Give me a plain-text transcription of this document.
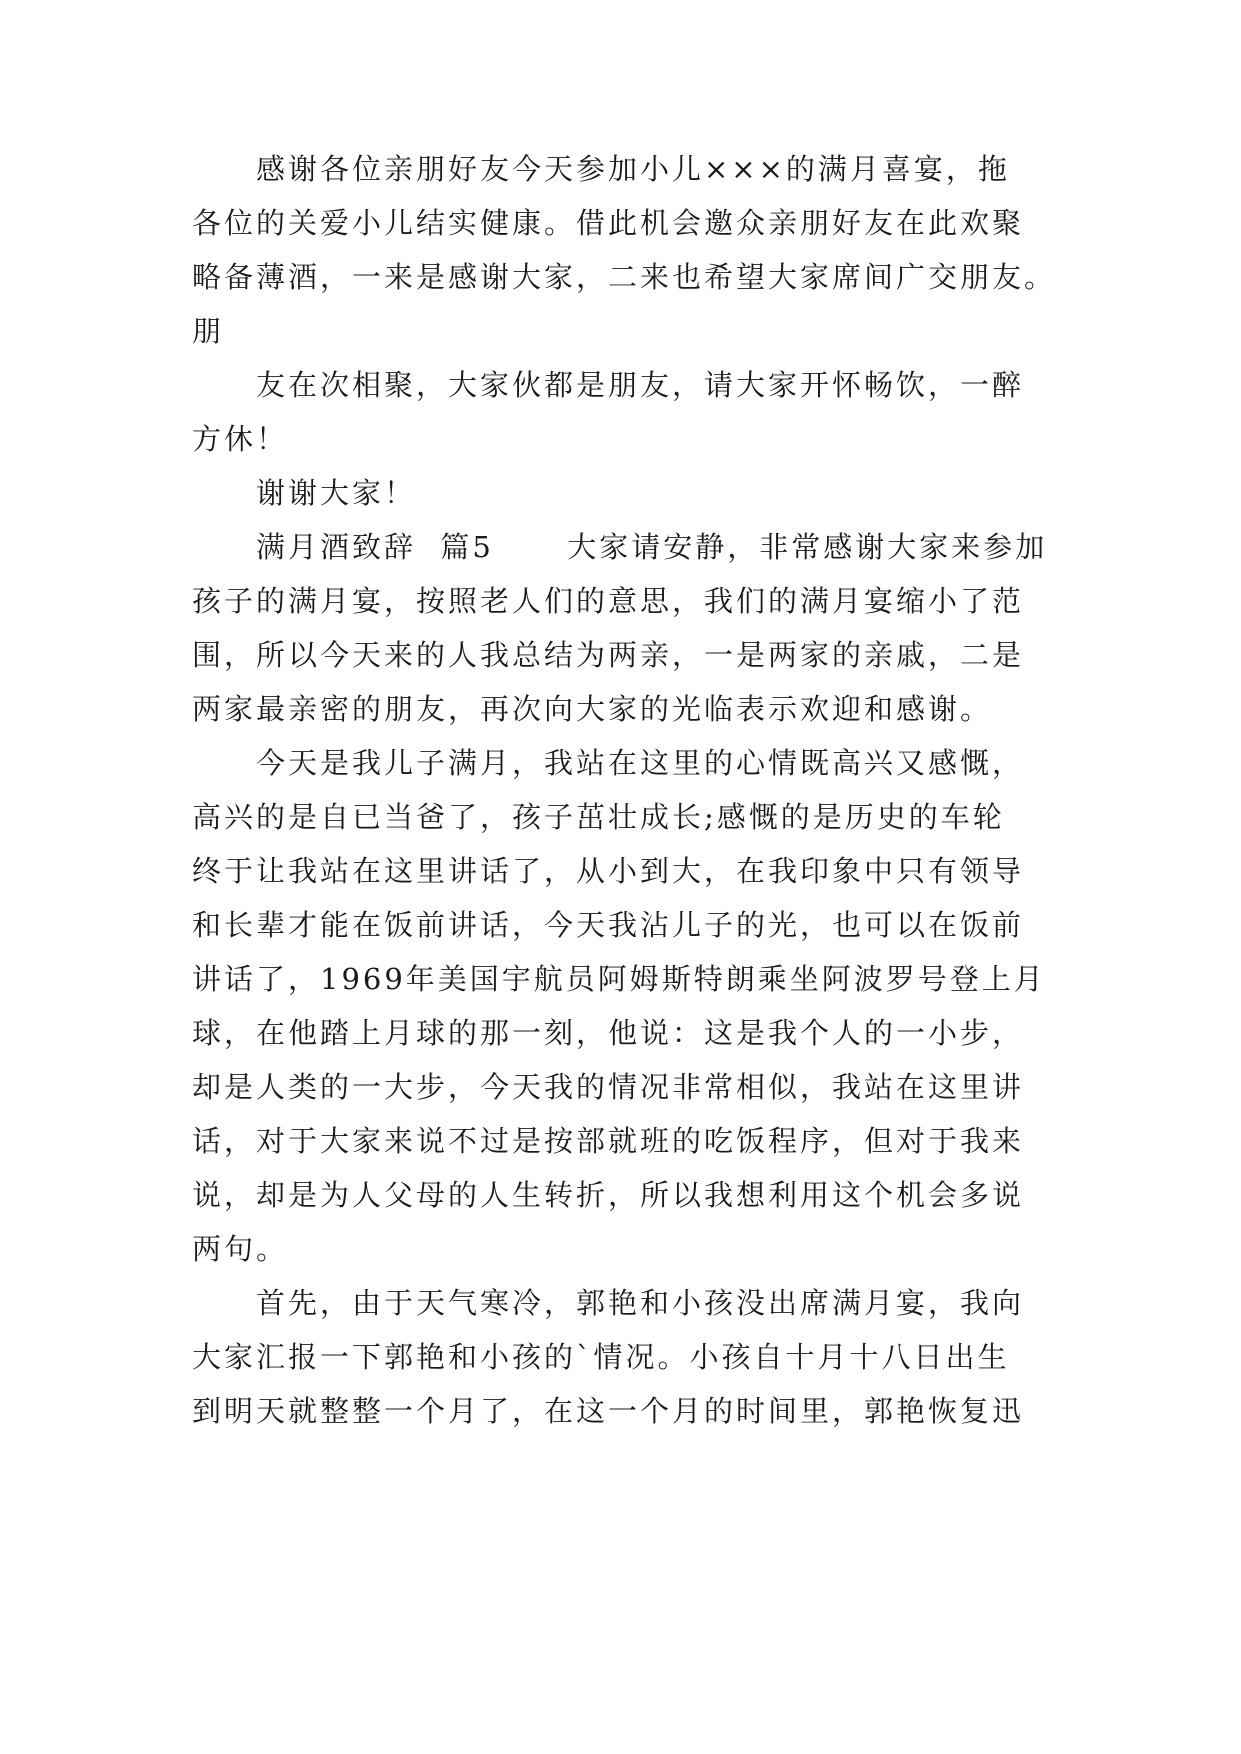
感谢各位亲朋好友今天参加小儿×××的满月喜宴，拖
各位的关爱小儿结实健康。借此机会邀众亲朋好友在此欢聚
略备薄酒，一来是感谢大家，二来也希望大家席间广交朋友。
朋
友在次相聚，大家伙都是朋友，请大家开怀畅饮，一醉
方休！
谢谢大家！
满月酒致辞  篇5      大家请安静，非常感谢大家来参加
孩子的满月宴，按照老人们的意思，我们的满月宴缩小了范
围，所以今天来的人我总结为两亲，一是两家的亲戚，二是
两家最亲密的朋友，再次向大家的光临表示欢迎和感谢。
今天是我儿子满月，我站在这里的心情既高兴又感慨，
高兴的是自已当爸了，孩子茁壮成长;感慨的是历史的车轮
终于让我站在这里讲话了，从小到大，在我印象中只有领导
和长辈才能在饭前讲话，今天我沾儿子的光，也可以在饭前
讲话了，1969年美国宇航员阿姆斯特朗乘坐阿波罗号登上月
球，在他踏上月球的那一刻，他说：这是我个人的一小步，
却是人类的一大步，今天我的情况非常相似，我站在这里讲
话，对于大家来说不过是按部就班的吃饭程序，但对于我来
说，却是为人父母的人生转折，所以我想利用这个机会多说
两句。
首先，由于天气寒冷，郭艳和小孩没出席满月宴，我向
大家汇报一下郭艳和小孩的`情况。小孩自十月十八日出生
到明天就整整一个月了，在这一个月的时间里，郭艳恢复迅
